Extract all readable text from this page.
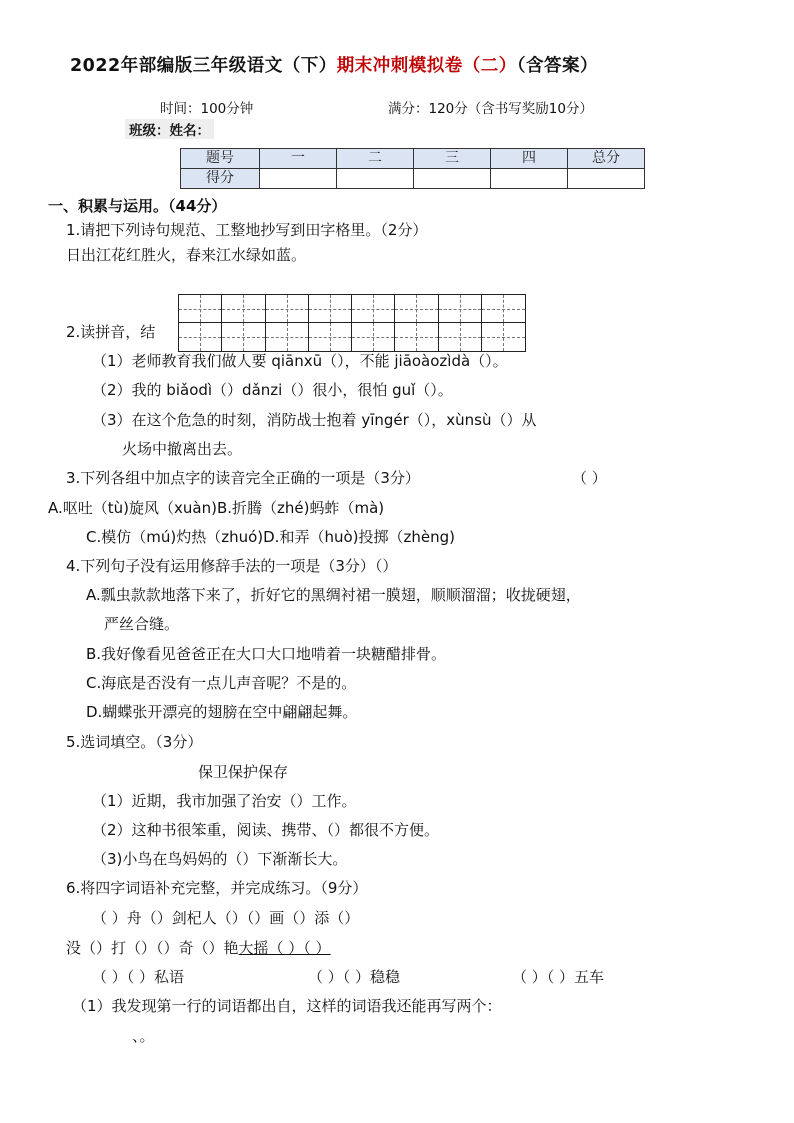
2022年部编版三年级语文（下）期末冲刺模拟卷（二）（含答案）
时间：100分钟	满分：120分（含书写奖励10分）
班级：姓名：
题号	一	二	三	四	总分
得分					
一、积累与运用。（44分）
1.请把下列诗句规范、工整地抄写到田字格里。（2分）
日出江花红胜火，春来江水绿如蓝。
2.读拼音，结
（1）老师教育我们做人要 qiānxū（），不能 jiāoàozìdà（）。
（2）我的 biǎodì（）dǎnzi（）很小，很怕 guǐ（）。
（3）在这个危急的时刻，消防战士抱着 yīngér（），xùnsù（）从
火场中撤离出去。
3.下列各组中加点字的读音完全正确的一项是（3分）	（ ）
A.呕吐（tù)旋风（xuàn)B.折腾（zhé)蚂蚱（mà)
C.模仿（mú)灼热（zhuó)D.和弄（huò)投掷（zhèng)
4.下列句子没有运用修辞手法的一项是（3分）（）
A.瓢虫款款地落下来了，折好它的黑绸衬裙一膜翅，顺顺溜溜；收拢硬翅，
严丝合缝。
B.我好像看见爸爸正在大口大口地啃着一块糖醋排骨。
C.海底是否没有一点儿声音呢？不是的。
D.蝴蝶张开漂亮的翅膀在空中翩翩起舞。
5.选词填空。（3分）
保卫保护保存
（1）近期，我市加强了治安（）工作。
（2）这种书很笨重，阅读、携带、（）都很不方便。
（3)小鸟在鸟妈妈的（）下渐渐长大。
6.将四字词语补充完整，并完成练习。（9分）
（ ）舟（）剑杞人（）（）画（）添（）
没（）打（）（）奇（）艳大摇（ ）（ ）
（ ）（ ）私语	（ ）（ ）稳稳	（ ）（ ）五车
（1）我发现第一行的词语都出自，这样的词语我还能再写两个：
、。
